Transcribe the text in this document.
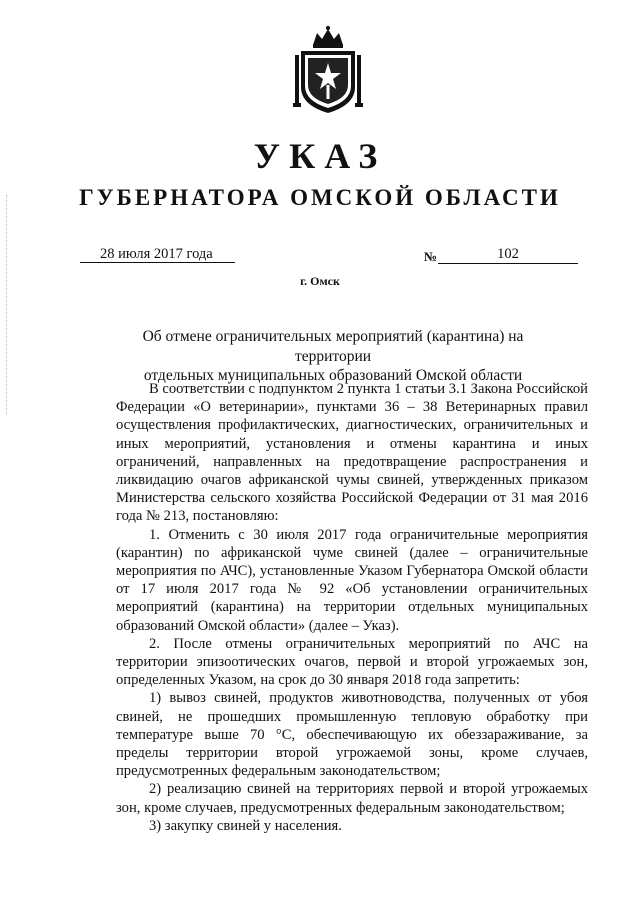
УКАЗ
ГУБЕРНАТОРА ОМСКОЙ ОБЛАСТИ
28 июля 2017 года	№	102
г. Омск
Об отмене ограничительных мероприятий (карантина) на территории
отдельных муниципальных образований Омской области

В соответствии с подпунктом 2 пункта 1 статьи 3.1 Закона Российской Федерации «О ветеринарии», пунктами 36 – 38 Ветеринарных правил осуществления профилактических, диагностических, ограничительных и иных мероприятий, установления и отмены карантина и иных ограничений, направленных на предотвращение распространения и ликвидацию очагов африканской чумы свиней, утвержденных приказом Министерства сельского хозяйства Российской Федерации от 31 мая 2016 года № 213, постановляю:

1. Отменить с 30 июля 2017 года ограничительные мероприятия (карантин) по африканской чуме свиней (далее – ограничительные мероприятия по АЧС), установленные Указом Губернатора Омской области от 17 июля 2017 года № 92 «Об установлении ограничительных мероприятий (карантина) на территории отдельных муниципальных образований Омской области» (далее – Указ).

2. После отмены ограничительных мероприятий по АЧС на территории эпизоотических очагов, первой и второй угрожаемых зон, определенных Указом, на срок до 30 января 2018 года запретить:

1) вывоз свиней, продуктов животноводства, полученных от убоя свиней, не прошедших промышленную тепловую обработку при температуре выше 70 °С, обеспечивающую их обеззараживание, за пределы территории второй угрожаемой зоны, кроме случаев, предусмотренных федеральным законодательством;

2) реализацию свиней на территориях первой и второй угрожаемых зон, кроме случаев, предусмотренных федеральным законодательством;

3) закупку свиней у населения.
